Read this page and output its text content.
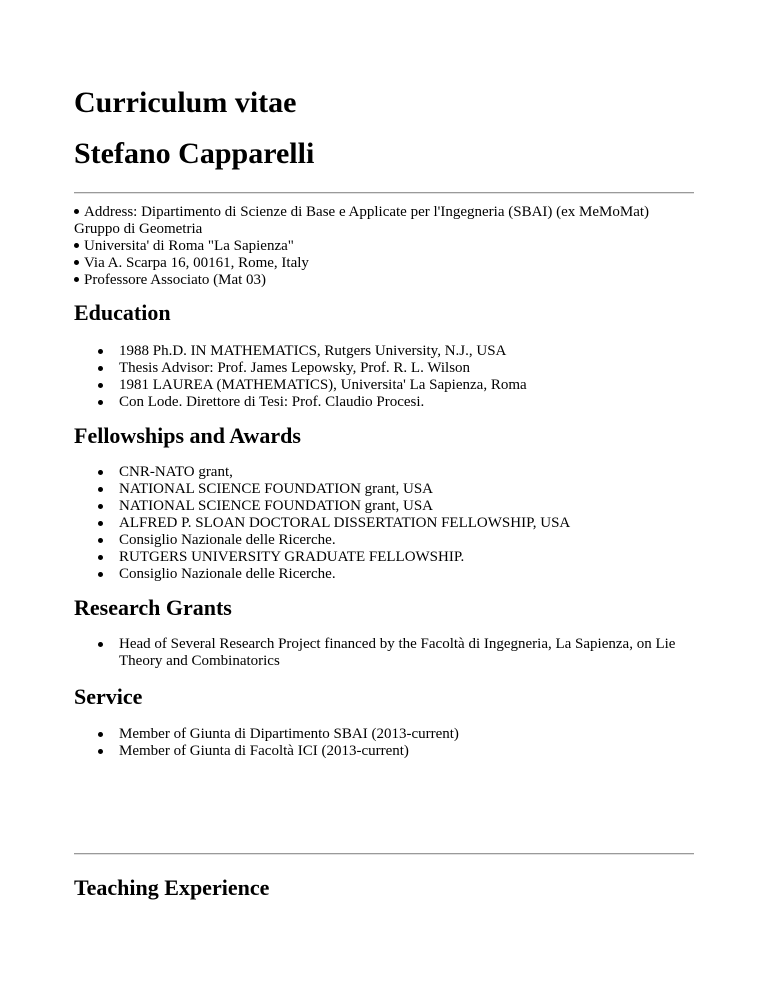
Curriculum vitae
Stefano Capparelli
Address: Dipartimento di Scienze di Base e Applicate per l'Ingegneria (SBAI) (ex MeMoMat)
Gruppo di Geometria
Universita' di Roma "La Sapienza"
Via A. Scarpa 16, 00161, Rome, Italy
Professore Associato (Mat 03)
Education
1988 Ph.D. IN MATHEMATICS, Rutgers University, N.J., USA
Thesis Advisor: Prof. James Lepowsky, Prof. R. L. Wilson
1981 LAUREA (MATHEMATICS), Universita' La Sapienza, Roma
Con Lode. Direttore di Tesi: Prof. Claudio Procesi.
Fellowships and Awards
CNR-NATO grant,
NATIONAL SCIENCE FOUNDATION grant, USA
NATIONAL SCIENCE FOUNDATION grant, USA
ALFRED P. SLOAN DOCTORAL DISSERTATION FELLOWSHIP, USA
Consiglio Nazionale delle Ricerche.
RUTGERS UNIVERSITY GRADUATE FELLOWSHIP.
Consiglio Nazionale delle Ricerche.
Research Grants
Head of Several Research Project financed by the Facoltà di Ingegneria, La Sapienza, on Lie Theory and Combinatorics
Service
Member of Giunta di Dipartimento SBAI (2013-current)
Member of Giunta di Facoltà ICI (2013-current)
Teaching Experience
